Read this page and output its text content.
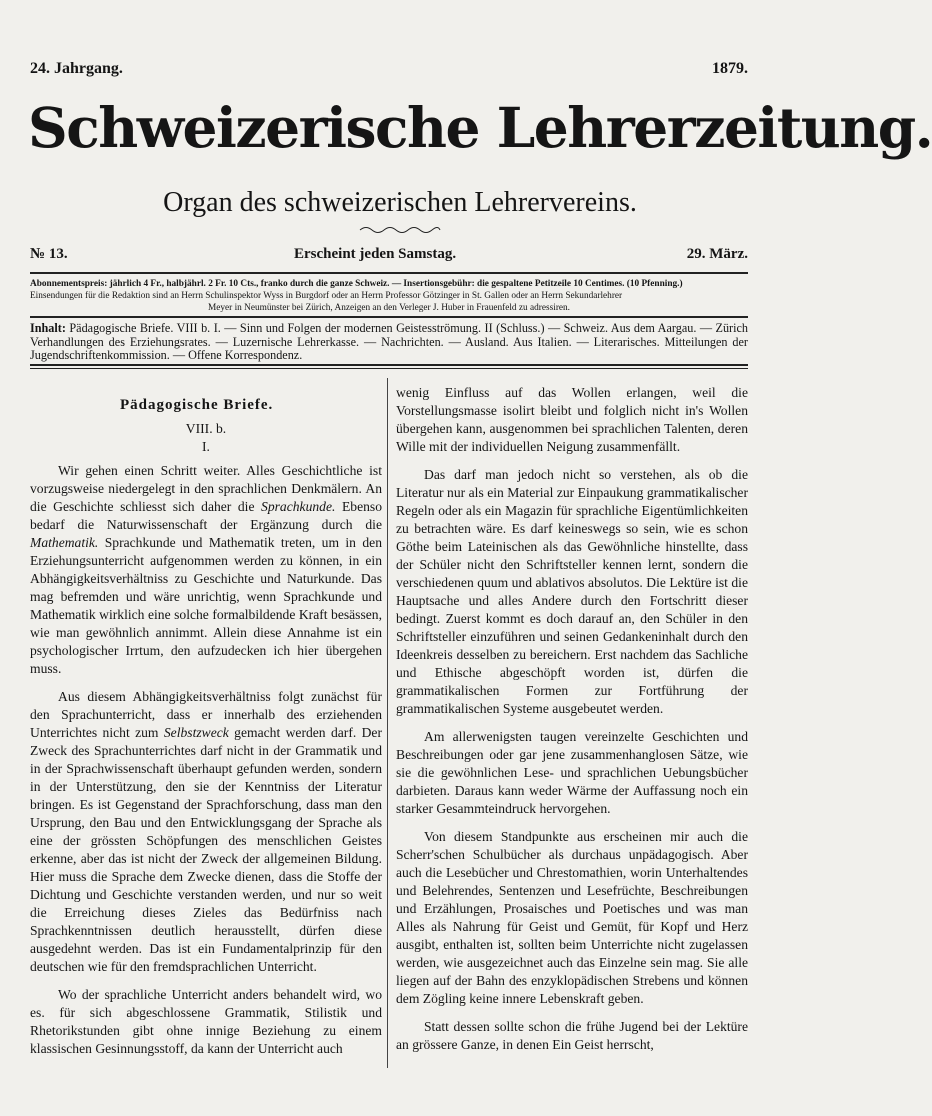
24. Jahrgang.	1879.
Schweizerische Lehrerzeitung.
Organ des schweizerischen Lehrervereins.
№ 13.	Erscheint jeden Samstag.	29. März.
Abonnementspreis: jährlich 4 Fr., halbjährl. 2 Fr. 10 Cts., franko durch die ganze Schweiz. — Insertionsgebühr: die gespaltene Petitzeile 10 Centimes. (10 Pfenning.)
Einsendungen für die Redaktion sind an Herrn Schulinspektor Wyss in Burgdorf oder an Herrn Professor Götzinger in St. Gallen oder an Herrn Sekundarlehrer
Meyer in Neumünster bei Zürich, Anzeigen an den Verleger J. Huber in Frauenfeld zu adressiren.
Inhalt: Pädagogische Briefe. VIII b. I. — Sinn und Folgen der modernen Geistesströmung. II (Schluss.) — Schweiz. Aus dem Aargau. — Zürich Verhandlungen des Erziehungsrates. — Luzernische Lehrerkasse. — Nachrichten. — Ausland. Aus Italien. — Literarisches. Mitteilungen der Jugendschriftenkommission. — Offene Korrespondenz.
Pädagogische Briefe.
VIII. b.
I.

Wir gehen einen Schritt weiter. Alles Geschichtliche ist vorzugsweise niedergelegt in den sprachlichen Denkmälern. An die Geschichte schliesst sich daher die Sprachkunde. Ebenso bedarf die Naturwissenschaft der Ergänzung durch die Mathematik. Sprachkunde und Mathematik treten, um in den Erziehungsunterricht aufgenommen werden zu können, in ein Abhängigkeitsverhältniss zu Geschichte und Naturkunde. Das mag befremden und wäre unrichtig, wenn Sprachkunde und Mathematik wirklich eine solche formalbildende Kraft besässen, wie man gewöhnlich annimmt. Allein diese Annahme ist ein psychologischer Irrtum, den aufzudecken ich hier übergehen muss.

Aus diesem Abhängigkeitsverhältniss folgt zunächst für den Sprachunterricht, dass er innerhalb des erziehenden Unterrichtes nicht zum Selbstzweck gemacht werden darf. Der Zweck des Sprachunterrichtes darf nicht in der Grammatik und in der Sprachwissenschaft überhaupt gefunden werden, sondern in der Unterstützung, den sie der Kenntniss der Literatur bringen. Es ist Gegenstand der Sprachforschung, dass man den Ursprung, den Bau und den Entwicklungsgang der Sprache als eine der grössten Schöpfungen des menschlichen Geistes erkenne, aber das ist nicht der Zweck der allgemeinen Bildung. Hier muss die Sprache dem Zwecke dienen, dass die Stoffe der Dichtung und Geschichte verstanden werden, und nur so weit die Erreichung dieses Zieles das Bedürfniss nach Sprachkenntnissen deutlich herausstellt, dürfen diese ausgedehnt werden. Das ist ein Fundamentalprinzip für den deutschen wie für den fremdsprachlichen Unterricht.

Wo der sprachliche Unterricht anders behandelt wird, wo es. für sich abgeschlossene Grammatik, Stilistik und Rhetorikstunden gibt ohne innige Beziehung zu einem klassischen Gesinnungsstoff, da kann der Unterricht auch

wenig Einfluss auf das Wollen erlangen, weil die Vorstellungsmasse isolirt bleibt und folglich nicht in's Wollen übergehen kann, ausgenommen bei sprachlichen Talenten, deren Wille mit der individuellen Neigung zusammenfällt.

Das darf man jedoch nicht so verstehen, als ob die Literatur nur als ein Material zur Einpaukung grammatikalischer Regeln oder als ein Magazin für sprachliche Eigentümlichkeiten zu betrachten wäre. Es darf keineswegs so sein, wie es schon Göthe beim Lateinischen als das Gewöhnliche hinstellte, dass der Schüler nicht den Schriftsteller kennen lernt, sondern die verschiedenen quum und ablativos absolutos. Die Lektüre ist die Hauptsache und alles Andere durch den Fortschritt dieser bedingt. Zuerst kommt es doch darauf an, den Schüler in den Schriftsteller einzuführen und seinen Gedankeninhalt durch den Ideenkreis desselben zu bereichern. Erst nachdem das Sachliche und Ethische abgeschöpft worden ist, dürfen die grammatikalischen Formen zur Fortführung der grammatikalischen Systeme ausgebeutet werden.

Am allerwenigsten taugen vereinzelte Geschichten und Beschreibungen oder gar jene zusammenhanglosen Sätze, wie sie die gewöhnlichen Lese- und sprachlichen Uebungsbücher darbieten. Daraus kann weder Wärme der Auffassung noch ein starker Gesammteindruck hervorgehen.

Von diesem Standpunkte aus erscheinen mir auch die Scherr'schen Schulbücher als durchaus unpädagogisch. Aber auch die Lesebücher und Chrestomathien, worin Unterhaltendes und Belehrendes, Sentenzen und Lesefrüchte, Beschreibungen und Erzählungen, Prosaisches und Poetisches und was man Alles als Nahrung für Geist und Gemüt, für Kopf und Herz ausgibt, enthalten ist, sollten beim Unterrichte nicht zugelassen werden, wie ausgezeichnet auch das Einzelne sein mag. Sie alle liegen auf der Bahn des enzyklopädischen Strebens und können dem Zögling keine innere Lebenskraft geben.

Statt dessen sollte schon die frühe Jugend bei der Lektüre an grössere Ganze, in denen Ein Geist herrscht,
